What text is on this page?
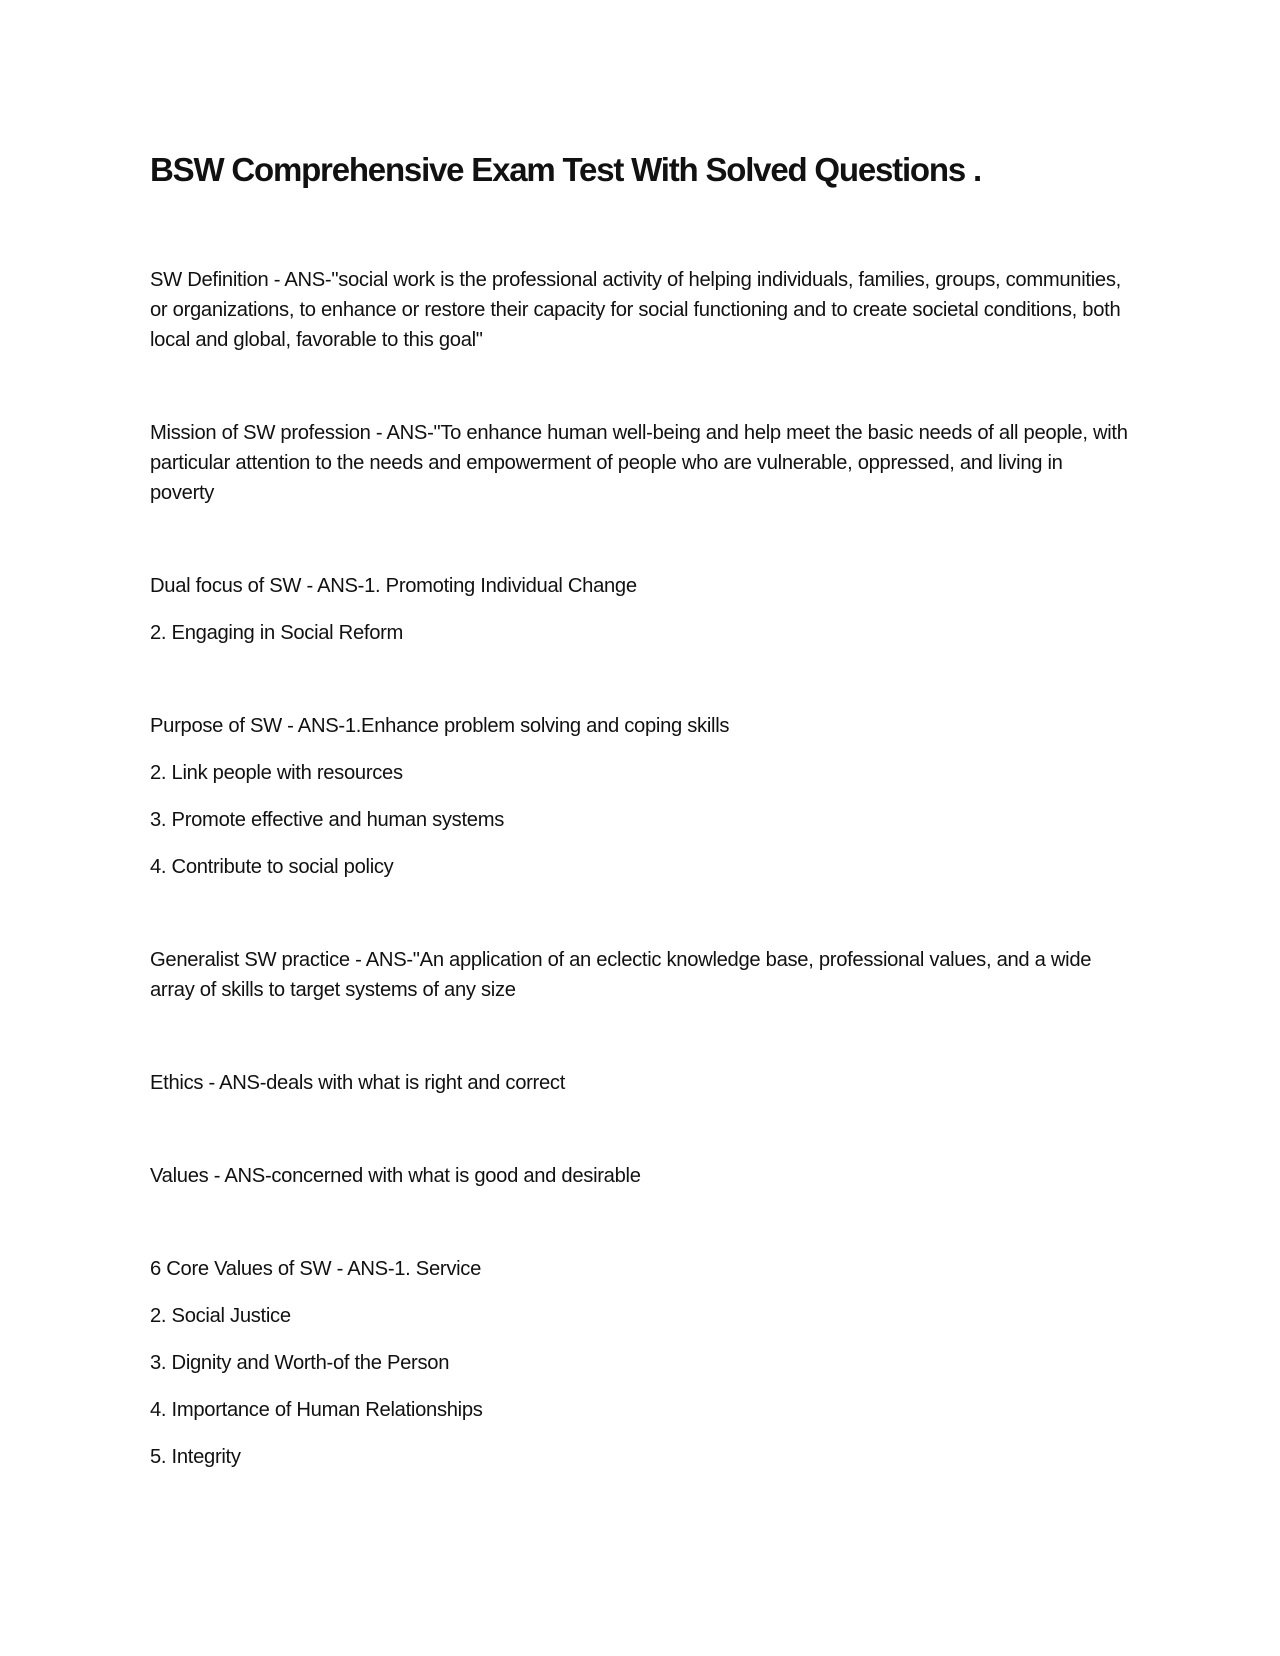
BSW Comprehensive Exam Test With Solved Questions .

SW Definition - ANS-"social work is the professional activity of helping individuals, families, groups, communities, or organizations, to enhance or restore their capacity for social functioning and to create societal conditions, both local and global, favorable to this goal"

Mission of SW profession - ANS-"To enhance human well-being and help meet the basic needs of all people, with particular attention to the needs and empowerment of people who are vulnerable, oppressed, and living in poverty

Dual focus of SW - ANS-1. Promoting Individual Change

2. Engaging in Social Reform

Purpose of SW - ANS-1.Enhance problem solving and coping skills

2. Link people with resources

3. Promote effective and human systems

4. Contribute to social policy

Generalist SW practice - ANS-"An application of an eclectic knowledge base, professional values, and a wide array of skills to target systems of any size

Ethics - ANS-deals with what is right and correct

Values - ANS-concerned with what is good and desirable

6 Core Values of SW - ANS-1. Service

2. Social Justice

3. Dignity and Worth-of the Person

4. Importance of Human Relationships

5. Integrity
